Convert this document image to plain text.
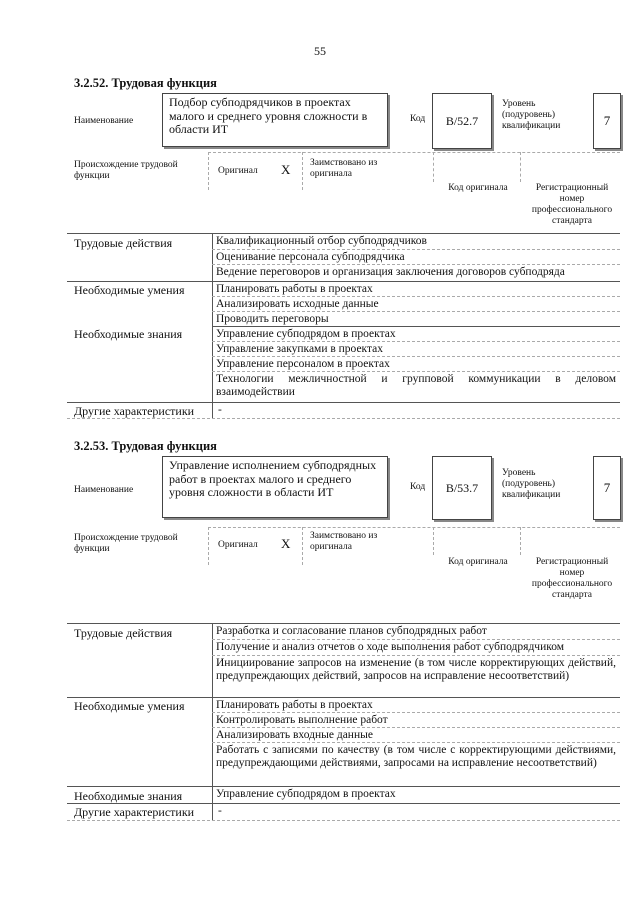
55
3.2.52. Трудовая функция
Наименование
Подбор субподрядчиков в проектах малого и среднего уровня сложности в области ИТ
Код B/52.7
Уровень (подуровень) квалификации	7
Происхождение трудовой функции	Оригинал X Заимствовано из оригинала
Код оригинала	Регистрационный номер профессионального стандарта
Трудовые действия	Квалификационный отбор субподрядчиков
Оценивание персонала субподрядчика
Ведение переговоров и организация заключения договоров субподряда
Необходимые умения	Планировать работы в проектах
Анализировать исходные данные
Проводить переговоры
Необходимые знания	Управление субподрядом в проектах
Управление закупками в проектах
Управление персоналом в проектах
Технологии межличностной и групповой коммуникации в деловом взаимодействии
Другие характеристики -
3.2.53. Трудовая функция
Наименование
Управление исполнением субподрядных работ в проектах малого и среднего уровня сложности в области ИТ	Код B/53.7
Уровень (подуровень) квалификации	7
Происхождение трудовой функции	Оригинал X Заимствовано из оригинала
Код оригинала	Регистрационный номер профессионального стандарта
Трудовые действия	Разработка и согласование планов субподрядных работ
Получение и анализ отчетов о ходе выполнения работ субподрядчиком
Инициирование запросов на изменение (в том числе корректирующих действий, предупреждающих действий, запросов на исправление несоответствий)
Необходимые умения	Планировать работы в проектах
Контролировать выполнение работ
Анализировать входные данные
Работать с записями по качеству (в том числе с корректирующими действиями, предупреждающими действиями, запросами на исправление несоответствий)
Необходимые знания	Управление субподрядом в проектах
Другие характеристики -
